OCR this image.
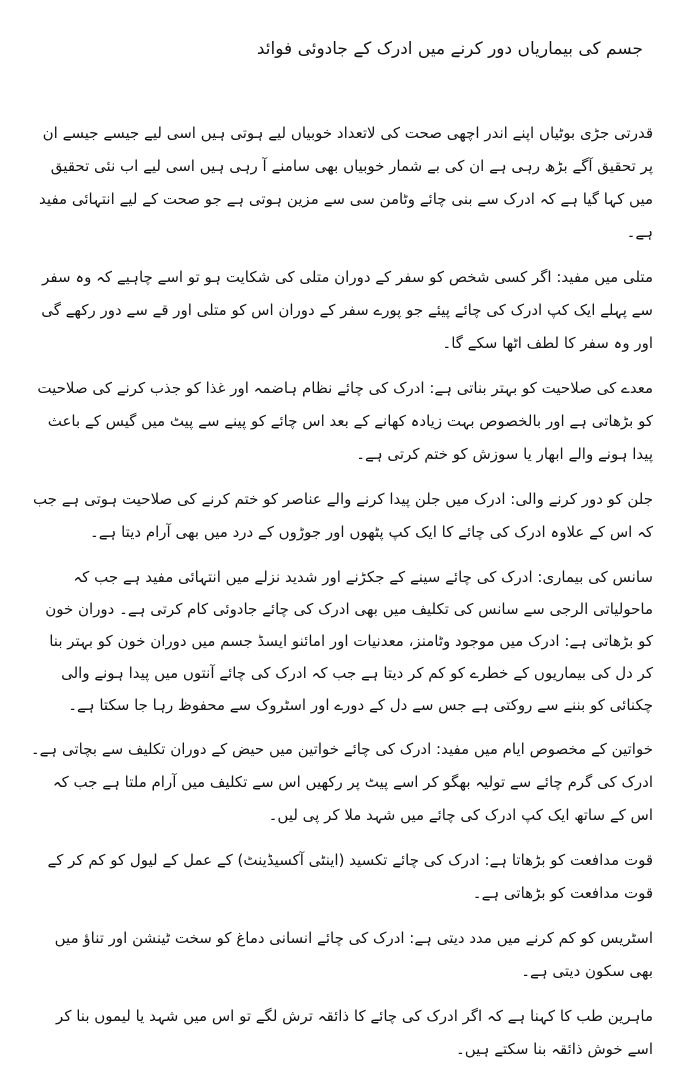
جسم کی بیماریاں دور کرنے میں ادرک کے جادوئی فوائد

قدرتی جڑی بوٹیاں اپنے اندر اچھی صحت کی لاتعداد خوبیاں لیے ہوتی ہیں اسی لیے جیسے جیسے ان پر تحقیق آگے بڑھ رہی ہے ان کی بے شمار خوبیاں بھی سامنے آ رہی ہیں اسی لیے اب نئی تحقیق میں کہا گیا ہے کہ ادرک سے بنی چائے وٹامن سی سے مزین ہوتی ہے جو صحت کے لیے انتہائی مفید ہے۔

متلی میں مفید: اگر کسی شخص کو سفر کے دوران متلی کی شکایت ہو تو اسے چاہیے کہ وہ سفر سے پہلے ایک کپ ادرک کی چائے پیئے جو پورے سفر کے دوران اس کو متلی اور قے سے دور رکھے گی اور وہ سفر کا لطف اٹھا سکے گا۔

معدے کی صلاحیت کو بہتر بناتی ہے: ادرک کی چائے نظام ہاضمہ اور غذا کو جذب کرنے کی صلاحیت کو بڑھاتی ہے اور بالخصوص بہت زیادہ کھانے کے بعد اس چائے کو پینے سے پیٹ میں گیس کے باعث پیدا ہونے والے ابھار یا سوزش کو ختم کرتی ہے۔

جلن کو دور کرنے والی: ادرک میں جلن پیدا کرنے والے عناصر کو ختم کرنے کی صلاحیت ہوتی ہے جب کہ اس کے علاوہ ادرک کی چائے کا ایک کپ پٹھوں اور جوڑوں کے درد میں بھی آرام دیتا ہے۔

سانس کی بیماری: ادرک کی چائے سینے کے جکڑنے اور شدید نزلے میں انتہائی مفید ہے جب کہ ماحولیاتی الرجی سے سانس کی تکلیف میں بھی ادرک کی چائے جادوئی کام کرتی ہے۔ دوران خون کو بڑھاتی ہے: ادرک میں موجود وٹامنز، معدنیات اور امائنو ایسڈ جسم میں دوران خون کو بہتر بنا کر دل کی بیماریوں کے خطرے کو کم کر دیتا ہے جب کہ ادرک کی چائے آنتوں میں پیدا ہونے والی چکنائی کو بننے سے روکتی ہے جس سے دل کے دورے اور اسٹروک سے محفوظ رہا جا سکتا ہے۔

خواتین کے مخصوص ایام میں مفید: ادرک کی چائے خواتین میں حیض کے دوران تکلیف سے بچاتی ہے۔ ادرک کی گرم چائے سے تولیہ بھگو کر اسے پیٹ پر رکھیں اس سے تکلیف میں آرام ملتا ہے جب کہ اس کے ساتھ ایک کپ ادرک کی چائے میں شہد ملا کر پی لیں۔

قوت مدافعت کو بڑھاتا ہے: ادرک کی چائے تکسید (اینٹی آکسیڈینٹ) کے عمل کے لیول کو کم کر کے قوت مدافعت کو بڑھاتی ہے۔

اسٹریس کو کم کرنے میں مدد دیتی ہے: ادرک کی چائے انسانی دماغ کو سخت ٹینشن اور تناؤ میں بھی سکون دیتی ہے۔

ماہرین طب کا کہنا ہے کہ اگر ادرک کی چائے کا ذائقہ ترش لگے تو اس میں شہد یا لیموں بنا کر اسے خوش ذائقہ بنا سکتے ہیں۔
